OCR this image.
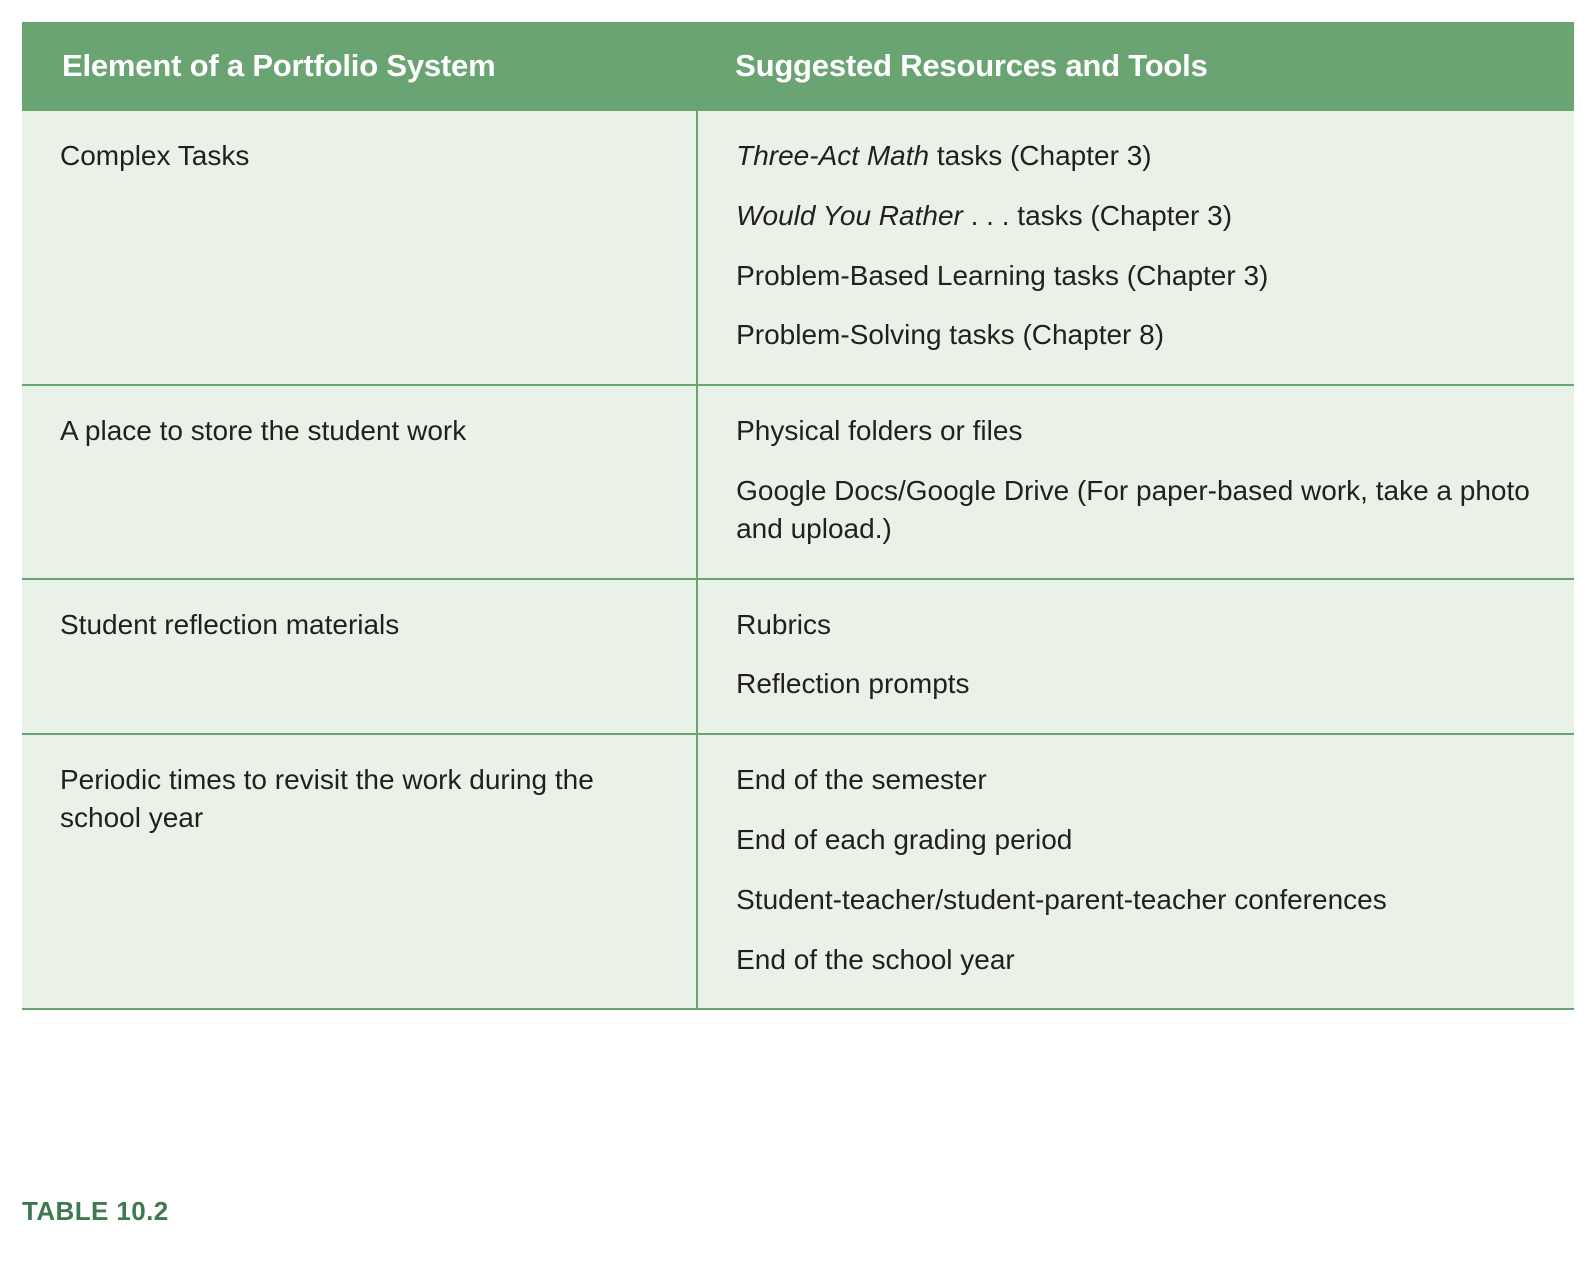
Element of a Portfolio System	Suggested Resources and Tools

Complex Tasks	Three-Act Math tasks (Chapter 3)

Would You Rather . . . tasks (Chapter 3)

Problem-Based Learning tasks (Chapter 3)

Problem-Solving tasks (Chapter 8)

A place to store the student work	Physical folders or files

Google Docs/Google Drive (For paper-based work, take a photo and upload.)

Student reflection materials	Rubrics

Reflection prompts

Periodic times to revisit the work during the school year	End of the semester

End of each grading period

Student-teacher/student-parent-teacher conferences

End of the school year

TABLE 10.2
